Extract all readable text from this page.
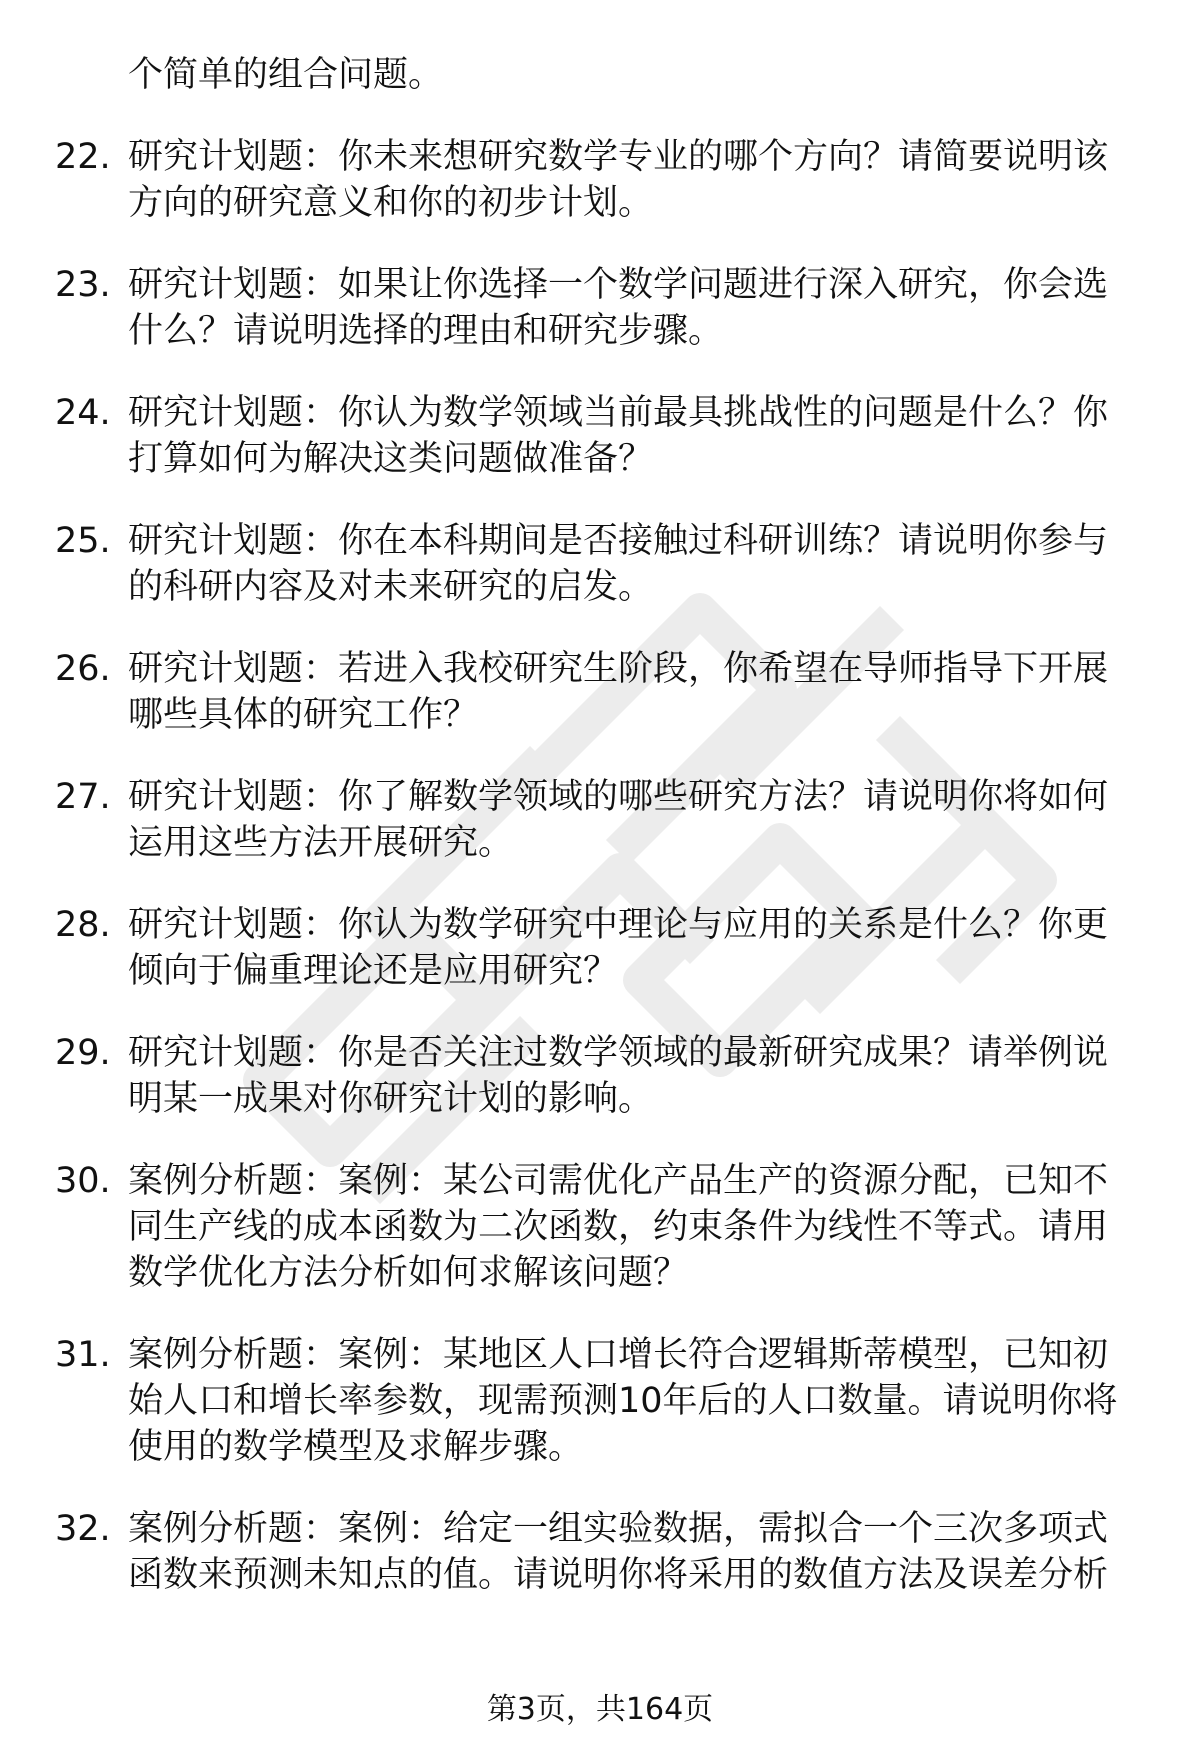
个简单的组合问题。
22. 研究计划题：你未来想研究数学专业的哪个方向？请简要说明该
方向的研究意义和你的初步计划。
23. 研究计划题：如果让你选择一个数学问题进行深入研究，你会选
什么？请说明选择的理由和研究步骤。
24. 研究计划题：你认为数学领域当前最具挑战性的问题是什么？你
打算如何为解决这类问题做准备？
25. 研究计划题：你在本科期间是否接触过科研训练？请说明你参与
的科研内容及对未来研究的启发。
26. 研究计划题：若进入我校研究生阶段，你希望在导师指导下开展
哪些具体的研究工作？
27. 研究计划题：你了解数学领域的哪些研究方法？请说明你将如何
运用这些方法开展研究。
28. 研究计划题：你认为数学研究中理论与应用的关系是什么？你更
倾向于偏重理论还是应用研究？
29. 研究计划题：你是否关注过数学领域的最新研究成果？请举例说
明某一成果对你研究计划的影响。
30. 案例分析题：案例：某公司需优化产品生产的资源分配，已知不
同生产线的成本函数为二次函数，约束条件为线性不等式。请用
数学优化方法分析如何求解该问题？
31. 案例分析题：案例：某地区人口增长符合逻辑斯蒂模型，已知初
始人口和增长率参数，现需预测10年后的人口数量。请说明你将
使用的数学模型及求解步骤。
32. 案例分析题：案例：给定一组实验数据，需拟合一个三次多项式
函数来预测未知点的值。请说明你将采用的数值方法及误差分析
第3页，共164页
